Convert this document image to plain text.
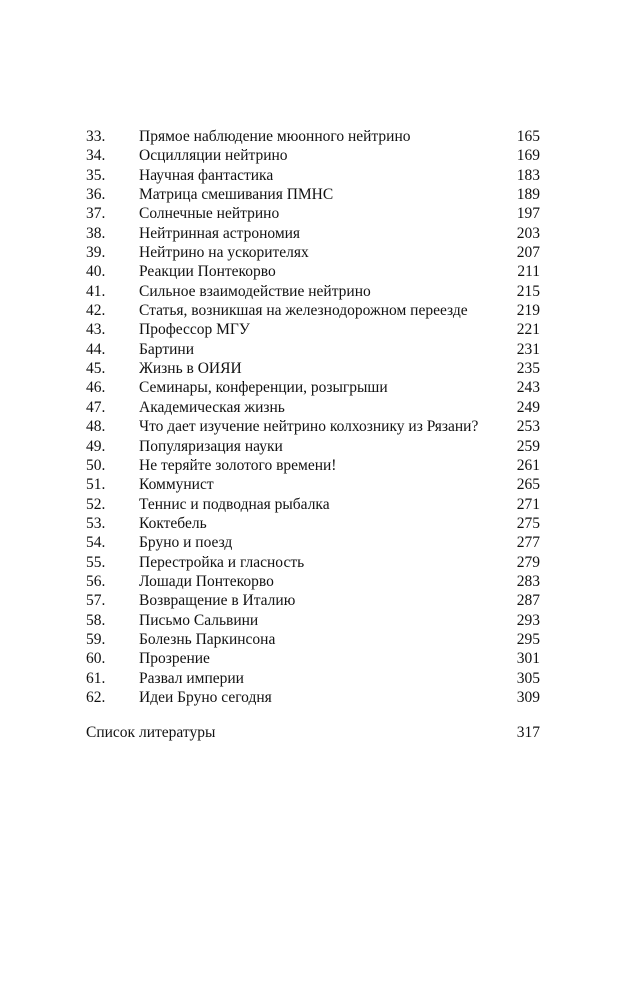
33.	Прямое наблюдение мюонного нейтрино	165
34.	Осцилляции нейтрино	169
35.	Научная фантастика	183
36.	Матрица смешивания ПМНС	189
37.	Солнечные нейтрино	197
38.	Нейтринная астрономия	203
39.	Нейтрино на ускорителях	207
40.	Реакции Понтекорво	211
41.	Сильное взаимодействие нейтрино	215
42.	Статья, возникшая на железнодорожном переезде	219
43.	Профессор МГУ	221
44.	Бартини	231
45.	Жизнь в ОИЯИ	235
46.	Семинары, конференции, розыгрыши	243
47.	Академическая жизнь	249
48.	Что дает изучение нейтрино колхознику из Рязани?	253
49.	Популяризация науки	259
50.	Не теряйте золотого времени!	261
51.	Коммунист	265
52.	Теннис и подводная рыбалка	271
53.	Коктебель	275
54.	Бруно и поезд	277
55.	Перестройка и гласность	279
56.	Лошади Понтекорво	283
57.	Возвращение в Италию	287
58.	Письмо Сальвини	293
59.	Болезнь Паркинсона	295
60.	Прозрение	301
61.	Развал империи	305
62.	Идеи Бруно сегодня	309
Список литературы	317
